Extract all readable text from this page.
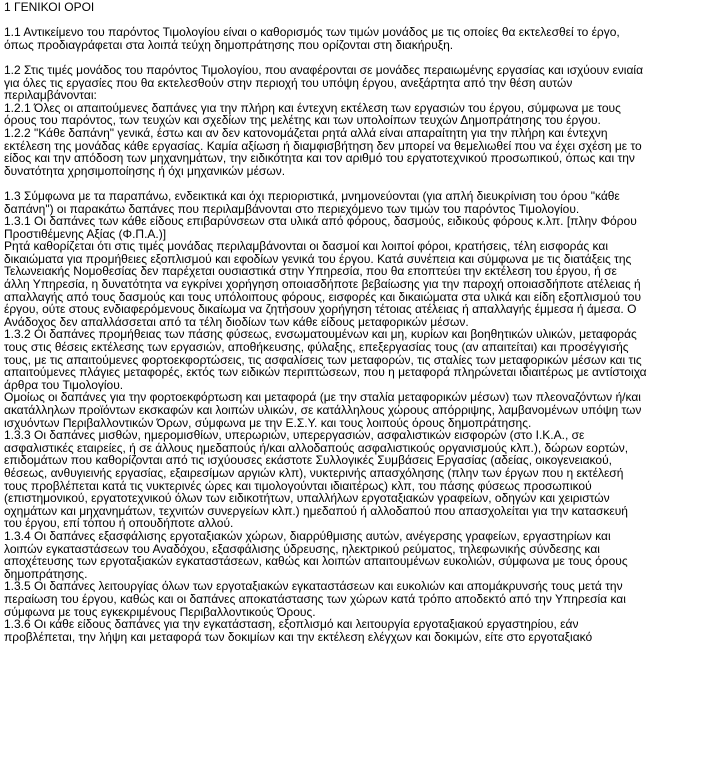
1 ΓΕΝΙΚΟΙ ΟΡΟΙ

1.1 Αντικείμενο του παρόντος Τιμολογίου είναι ο καθορισμός των τιμών μονάδος με τις οποίες θα εκτελεσθεί το έργο,
όπως προδιαγράφεται στα λοιπά τεύχη δημοπράτησης που ορίζονται στη διακήρυξη.

1.2 Στις τιμές μονάδος του παρόντος Τιμολογίου, που αναφέρονται σε μονάδες περαιωμένης εργασίας και ισχύουν ενιαία
για όλες τις εργασίες που θα εκτελεσθούν στην περιοχή του υπόψη έργου, ανεξάρτητα από την θέση αυτών
περιλαμβάνονται:
1.2.1 Όλες οι απαιτούμενες δαπάνες για την πλήρη και έντεχνη εκτέλεση των εργασιών του έργου, σύμφωνα με τους
όρους του παρόντος, των τευχών και σχεδίων της μελέτης και των υπολοίπων τευχών Δημοπράτησης του έργου.
1.2.2 "Κάθε δαπάνη" γενικά, έστω και αν δεν κατονομάζεται ρητά αλλά είναι απαραίτητη για την πλήρη και έντεχνη
εκτέλεση της μονάδας κάθε εργασίας. Καμία αξίωση ή διαμφισβήτηση δεν μπορεί να θεμελιωθεί που να έχει σχέση με το
είδος και την απόδοση των μηχανημάτων, την ειδικότητα και τον αριθμό του εργατοτεχνικού προσωπικού, όπως και την
δυνατότητα χρησιμοποίησης ή όχι μηχανικών μέσων.

1.3 Σύμφωνα με τα παραπάνω, ενδεικτικά και όχι περιοριστικά, μνημονεύονται (για απλή διευκρίνιση του όρου "κάθε
δαπάνη") οι παρακάτω δαπάνες που περιλαμβάνονται στο περιεχόμενο των τιμών του παρόντος Τιμολογίου.
1.3.1 Οι δαπάνες των κάθε είδους επιβαρύνσεων στα υλικά από φόρους, δασμούς, ειδικούς φόρους κ.λπ. [πλην Φόρου
Προστιθέμενης Αξίας (Φ.Π.Α.)]
Ρητά καθορίζεται ότι στις τιμές μονάδας περιλαμβάνονται οι δασμοί και λοιποί φόροι, κρατήσεις, τέλη εισφοράς και
δικαιώματα για προμήθειες εξοπλισμού και εφοδίων γενικά του έργου. Κατά συνέπεια και σύμφωνα με τις διατάξεις της
Τελωνειακής Νομοθεσίας δεν παρέχεται ουσιαστικά στην Υπηρεσία, που θα εποπτεύει την εκτέλεση του έργου, ή σε
άλλη Υπηρεσία, η δυνατότητα να εγκρίνει χορήγηση οποιασδήποτε βεβαίωσης για την παροχή οποιασδήποτε ατέλειας ή
απαλλαγής από τους δασμούς και τους υπόλοιπους φόρους, εισφορές και δικαιώματα στα υλικά και είδη εξοπλισμού του
έργου, ούτε στους ενδιαφερόμενους δικαίωμα να ζητήσουν χορήγηση τέτοιας ατέλειας ή απαλλαγής έμμεσα ή άμεσα. Ο
Ανάδοχος δεν απαλλάσσεται από τα τέλη διοδίων των κάθε είδους μεταφορικών μέσων.
1.3.2 Οι δαπάνες προμήθειας των πάσης φύσεως, ενσωματουμένων και μη, κυρίων και βοηθητικών υλικών, μεταφοράς
τους στις θέσεις εκτέλεσης των εργασιών, αποθήκευσης, φύλαξης, επεξεργασίας τους (αν απαιτείται) και προσέγγισής
τους, με τις απαιτούμενες φορτοεκφορτώσεις, τις ασφαλίσεις των μεταφορών, τις σταλίες των μεταφορικών μέσων και τις
απαιτούμενες πλάγιες μεταφορές, εκτός των ειδικών περιπτώσεων, που η μεταφορά πληρώνεται ιδιαιτέρως με αντίστοιχα
άρθρα του Τιμολογίου.
Ομοίως οι δαπάνες για την φορτοεκφόρτωση και μεταφορά (με την σταλία μεταφορικών μέσων) των πλεοναζόντων ή/και
ακατάλληλων προϊόντων εκσκαφών και λοιπών υλικών, σε κατάλληλους χώρους απόρριψης, λαμβανομένων υπόψη των
ισχυόντων Περιβαλλοντικών Όρων, σύμφωνα με την Ε.Σ.Υ. και τους λοιπούς όρους δημοπράτησης.
1.3.3 Οι δαπάνες μισθών, ημερομισθίων, υπερωριών, υπερεργασιών, ασφαλιστικών εισφορών (στο Ι.Κ.Α., σε
ασφαλιστικές εταιρείες, ή σε άλλους ημεδαπούς ή/και αλλοδαπούς ασφαλιστικούς οργανισμούς κλπ.), δώρων εορτών,
επιδομάτων που καθορίζονται από τις ισχύουσες εκάστοτε Συλλογικές Συμβάσεις Εργασίας (αδείας, οικογενειακού,
θέσεως, ανθυγιεινής εργασίας, εξαιρεσίμων αργιών κλπ), νυκτερινής απασχόλησης (πλην των έργων που η εκτέλεσή
τους προβλέπεται κατά τις νυκτερινές ώρες και τιμολογούνται ιδιαιτέρως) κλπ, του πάσης φύσεως προσωπικού
(επιστημονικού, εργατοτεχνικού όλων των ειδικοτήτων, υπαλλήλων εργοταξιακών γραφείων, οδηγών και χειριστών
οχημάτων και μηχανημάτων, τεχνιτών συνεργείων κλπ.) ημεδαπού ή αλλοδαπού που απασχολείται για την κατασκευή
του έργου, επί τόπου ή οπουδήποτε αλλού.
1.3.4 Οι δαπάνες εξασφάλισης εργοταξιακών χώρων, διαρρύθμισης αυτών, ανέγερσης γραφείων, εργαστηρίων και
λοιπών εγκαταστάσεων του Αναδόχου, εξασφάλισης ύδρευσης, ηλεκτρικού ρεύματος, τηλεφωνικής σύνδεσης και
αποχέτευσης των εργοταξιακών εγκαταστάσεων, καθώς και λοιπών απαιτουμένων ευκολιών, σύμφωνα με τους όρους
δημοπράτησης.
1.3.5 Οι δαπάνες λειτουργίας όλων των εργοταξιακών εγκαταστάσεων και ευκολιών και απομάκρυνσής τους μετά την
περαίωση του έργου, καθώς και οι δαπάνες αποκατάστασης των χώρων κατά τρόπο αποδεκτό από την Υπηρεσία και
σύμφωνα με τους εγκεκριμένους Περιβαλλοντικούς Όρους.
1.3.6 Οι κάθε είδους δαπάνες για την εγκατάσταση, εξοπλισμό και λειτουργία εργοταξιακού εργαστηρίου, εάν
προβλέπεται, την λήψη και μεταφορά των δοκιμίων και την εκτέλεση ελέγχων και δοκιμών, είτε στο εργοταξιακό
